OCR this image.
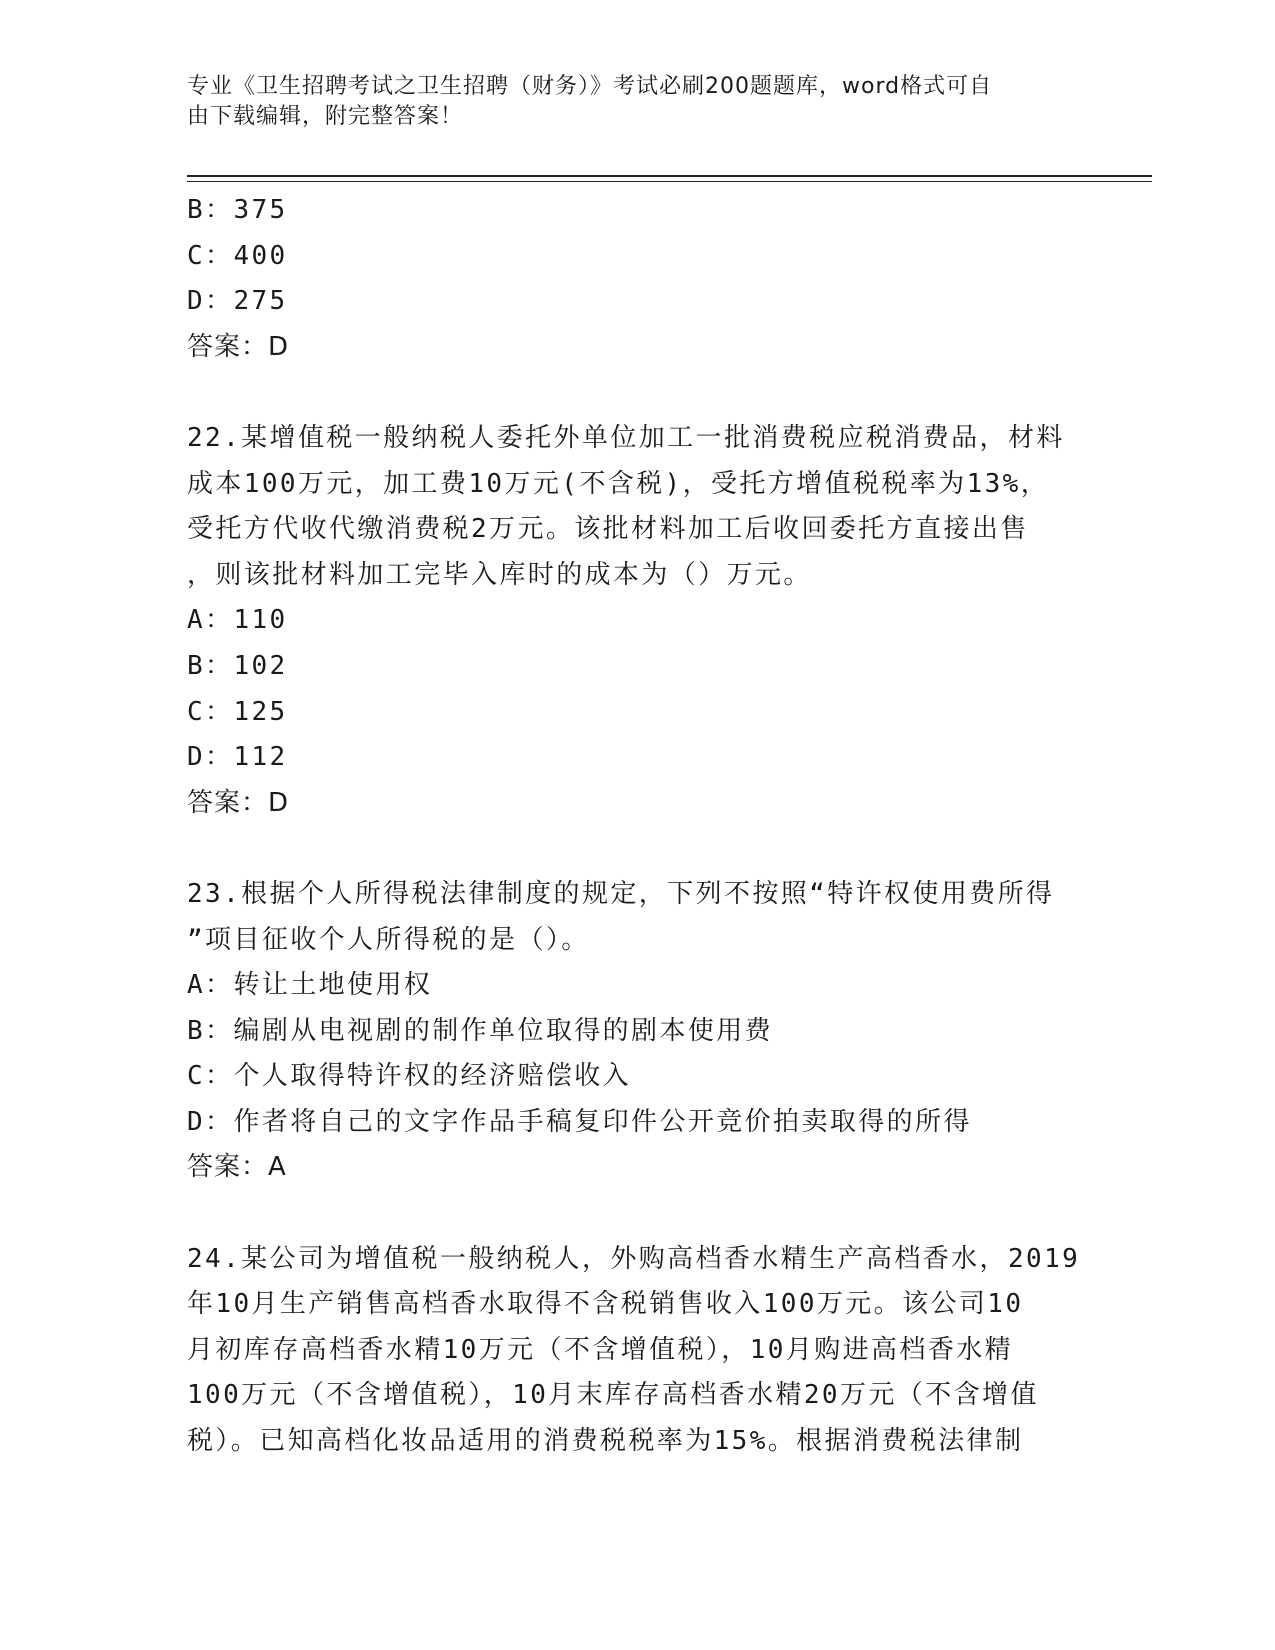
专业《卫生招聘考试之卫生招聘（财务）》考试必刷200题题库，word格式可自
由下载编辑，附完整答案！
B：375
C：400
D：275
答案：D
22.某增值税一般纳税人委托外单位加工一批消费税应税消费品，材料
成本100万元，加工费10万元(不含税)，受托方增值税税率为13%，
受托方代收代缴消费税2万元。该批材料加工后收回委托方直接出售
，则该批材料加工完毕入库时的成本为（）万元。
A：110
B：102
C：125
D：112
答案：D
23.根据个人所得税法律制度的规定，下列不按照“特许权使用费所得
”项目征收个人所得税的是（）。
A：转让土地使用权
B：编剧从电视剧的制作单位取得的剧本使用费
C：个人取得特许权的经济赔偿收入
D：作者将自己的文字作品手稿复印件公开竞价拍卖取得的所得
答案：A
24.某公司为增值税一般纳税人，外购高档香水精生产高档香水，2019
年10月生产销售高档香水取得不含税销售收入100万元。该公司10
月初库存高档香水精10万元（不含增值税），10月购进高档香水精
100万元（不含增值税），10月末库存高档香水精20万元（不含增值
税）。已知高档化妆品适用的消费税税率为15%。根据消费税法律制
